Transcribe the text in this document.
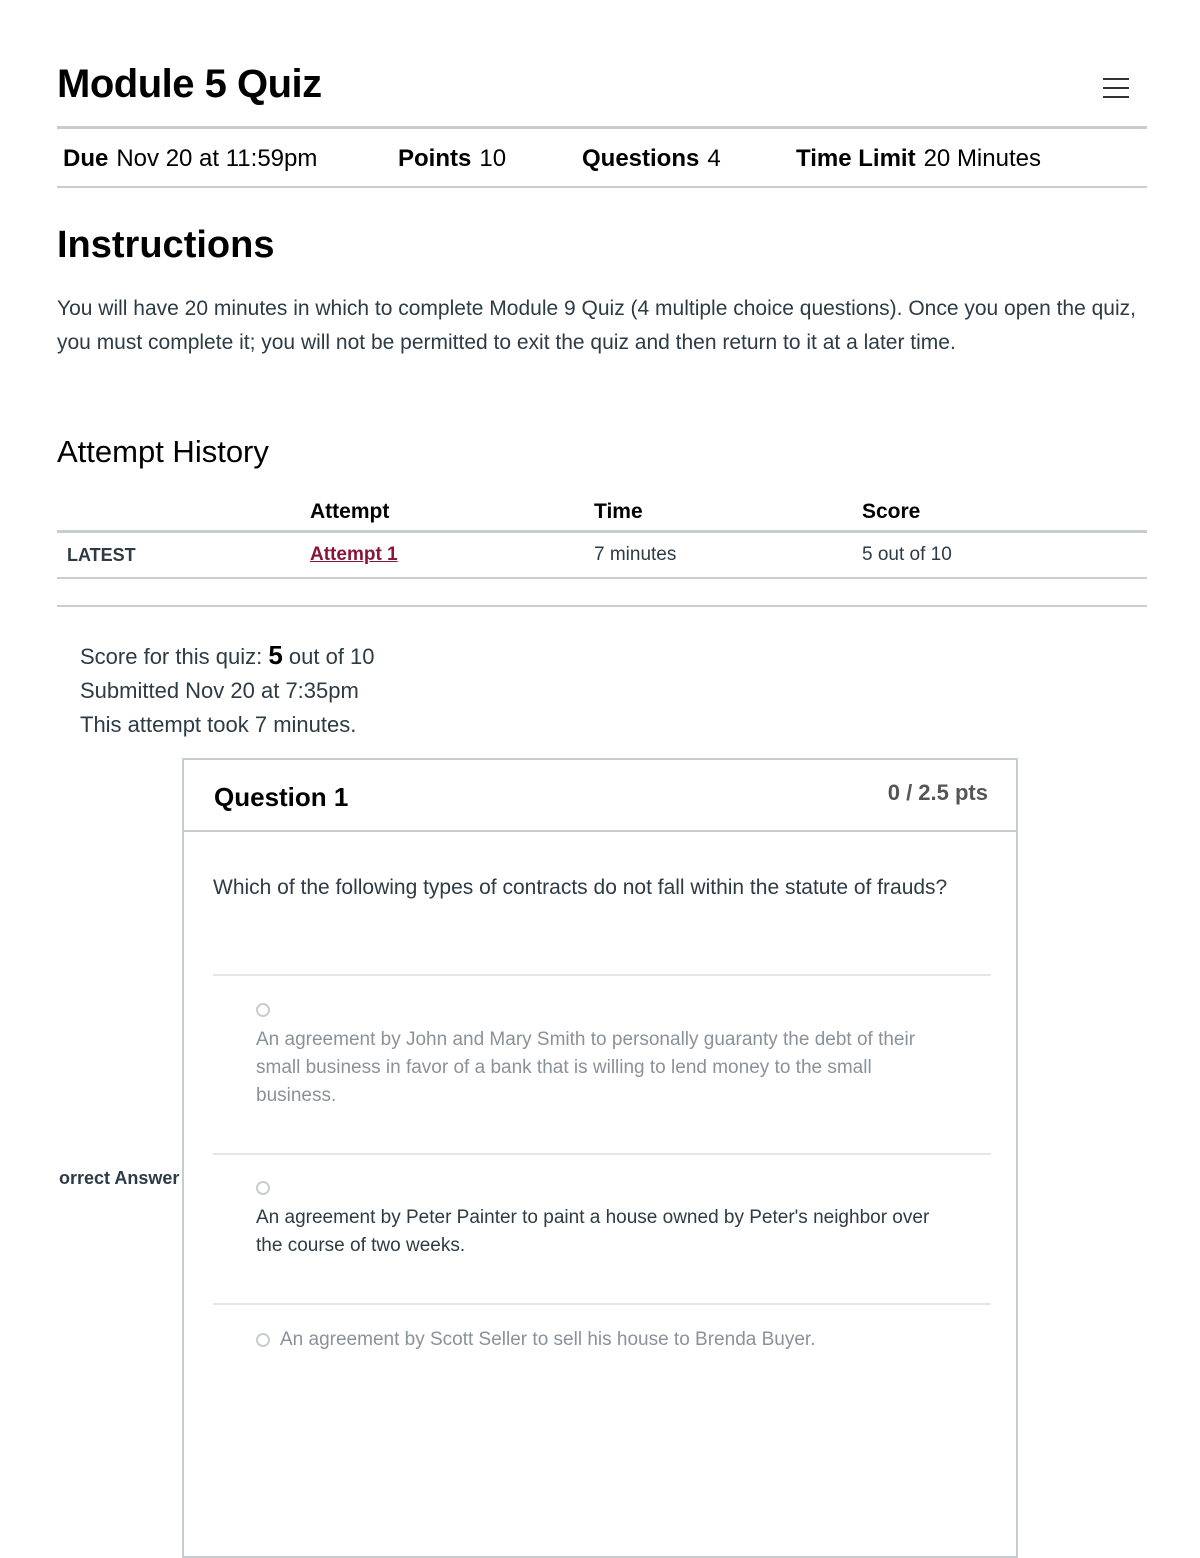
Module 5 Quiz
Due Nov 20 at 11:59pm	Points 10	Questions 4	Time Limit 20 Minutes
Instructions

You will have 20 minutes in which to complete Module 9 Quiz (4 multiple choice questions). Once you open the quiz, you must complete it; you will not be permitted to exit the quiz and then return to it at a later time.

Attempt History
	Attempt	Time	Score
LATEST	Attempt 1	7 minutes	5 out of 10
Score for this quiz: 5 out of 10
Submitted Nov 20 at 7:35pm
This attempt took 7 minutes.
orrect Answer
Question 1	0 / 2.5 pts
Which of the following types of contracts do not fall within the statute of frauds?
An agreement by John and Mary Smith to personally guaranty the debt of their small business in favor of a bank that is willing to lend money to the small business.
An agreement by Peter Painter to paint a house owned by Peter's neighbor over the course of two weeks.
An agreement by Scott Seller to sell his house to Brenda Buyer.
